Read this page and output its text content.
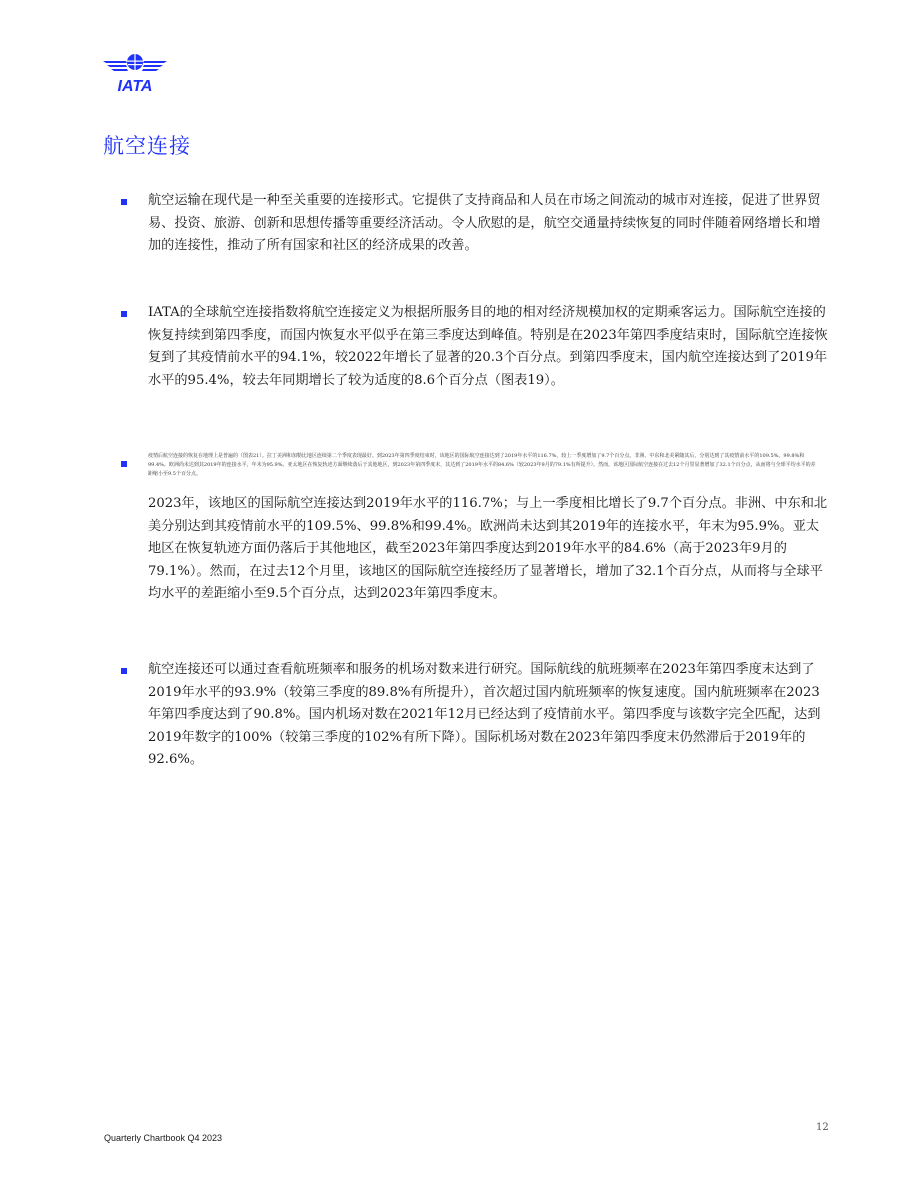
IATA
航空连接
航空运输在现代是一种至关重要的连接形式。它提供了支持商品和人员在市场之间流动的城市对连接，促进了世界贸易、投资、旅游、创新和思想传播等重要经济活动。令人欣慰的是，航空交通量持续恢复的同时伴随着网络增长和增加的连接性，推动了所有国家和社区的经济成果的改善。
IATA的全球航空连接指数将航空连接定义为根据所服务目的地的相对经济规模加权的定期乘客运力。国际航空连接的恢复持续到第四季度，而国内恢复水平似乎在第三季度达到峰值。特别是在2023年第四季度结束时，国际航空连接恢复到了其疫情前水平的94.1%，较2022年增长了显著的20.3个百分点。到第四季度末，国内航空连接达到了2019年水平的95.4%，较去年同期增长了较为适度的8.6个百分点（图表19）。
疫情后航空连接的恢复在地理上是普遍的（图表21）。拉丁美洲和加勒比地区连续第二个季度表现最好。到2023年第四季度结束时，该地区的国际航空连接达到了2019年水平的116.7%，较上一季度增加了9.7个百分点。非洲、中东和北美紧随其后，分别达到了其疫情前水平的109.5%、99.8%和99.4%。欧洲尚未达到其2019年的连接水平，年末为95.9%。亚太地区在恢复轨迹方面继续落后于其他地区，到2023年第四季度末，其达到了2019年水平的84.6%（较2023年9月的79.1%有所提升）。然而，该地区国际航空连接在过去12个月里显著增加了32.1个百分点，从而将与全球平均水平的差距缩小至9.5个百分点。
2023年，该地区的国际航空连接达到2019年水平的116.7%；与上一季度相比增长了9.7个百分点。非洲、中东和北美分别达到其疫情前水平的109.5%、99.8%和99.4%。欧洲尚未达到其2019年的连接水平，年末为95.9%。亚太地区在恢复轨迹方面仍落后于其他地区，截至2023年第四季度达到2019年水平的84.6%（高于2023年9月的79.1%）。然而，在过去12个月里，该地区的国际航空连接经历了显著增长，增加了32.1个百分点，从而将与全球平均水平的差距缩小至9.5个百分点，达到2023年第四季度末。
航空连接还可以通过查看航班频率和服务的机场对数来进行研究。国际航线的航班频率在2023年第四季度末达到了2019年水平的93.9%（较第三季度的89.8%有所提升），首次超过国内航班频率的恢复速度。国内航班频率在2023年第四季度达到了90.8%。国内机场对数在2021年12月已经达到了疫情前水平。第四季度与该数字完全匹配，达到2019年数字的100%（较第三季度的102%有所下降）。国际机场对数在2023年第四季度末仍然滞后于2019年的92.6%。
Quarterly Chartbook Q4 2023
12
